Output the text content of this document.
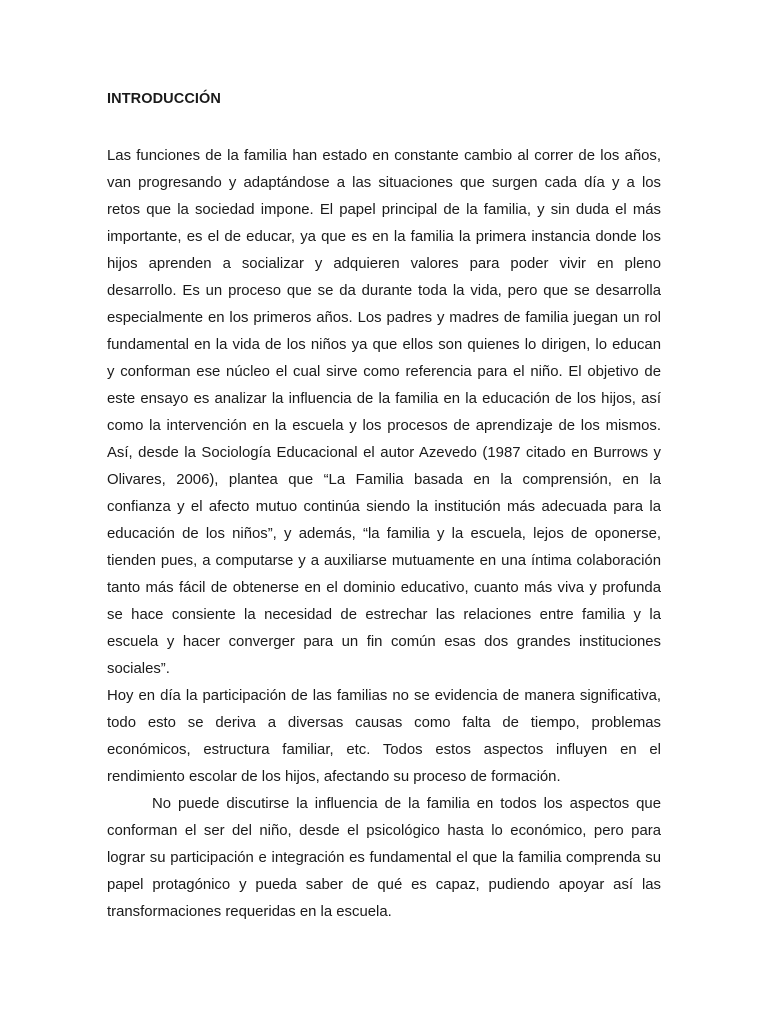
INTRODUCCIÓN
Las funciones de la familia han estado en constante cambio al correr de los años,
van progresando y adaptándose a las situaciones que surgen cada día y a los
retos que la sociedad impone. El papel principal de la familia, y sin duda el más
importante, es el de educar, ya que es en la familia la primera instancia donde los
hijos aprenden a socializar y adquieren valores para poder vivir en pleno
desarrollo. Es un proceso que se da durante toda la vida, pero que se desarrolla
especialmente en los primeros años. Los padres y madres de familia juegan un rol
fundamental en la vida de los niños ya que ellos son quienes lo dirigen, lo educan
y conforman ese núcleo el cual sirve como referencia para el niño. El objetivo de
este ensayo es analizar la influencia de la familia en la educación de los hijos, así
como la intervención en la escuela y los procesos de aprendizaje de los mismos.
Así, desde la Sociología Educacional el autor Azevedo (1987 citado en Burrows y
Olivares, 2006), plantea que “La Familia basada en la comprensión, en la
confianza y el afecto mutuo continúa siendo la institución más adecuada para la
educación de los niños”, y además, “la familia y la escuela, lejos de oponerse,
tienden pues, a computarse y a auxiliarse mutuamente en una íntima colaboración
tanto más fácil de obtenerse en el dominio educativo, cuanto más viva y profunda
se hace consiente la necesidad de estrechar las relaciones entre familia y la
escuela y hacer converger para un fin común esas dos grandes instituciones
sociales”.
Hoy en día la participación de las familias no se evidencia de manera significativa,
todo esto se deriva a diversas causas como falta de tiempo, problemas
económicos, estructura familiar, etc. Todos estos aspectos influyen en el
rendimiento escolar de los hijos, afectando su proceso de formación.
No puede discutirse la influencia de la familia en todos los aspectos que
conforman el ser del niño, desde el psicológico hasta lo económico, pero para
lograr su participación e integración es fundamental el que la familia comprenda su
papel protagónico y pueda saber de qué es capaz, pudiendo apoyar así las
transformaciones requeridas en la escuela.
